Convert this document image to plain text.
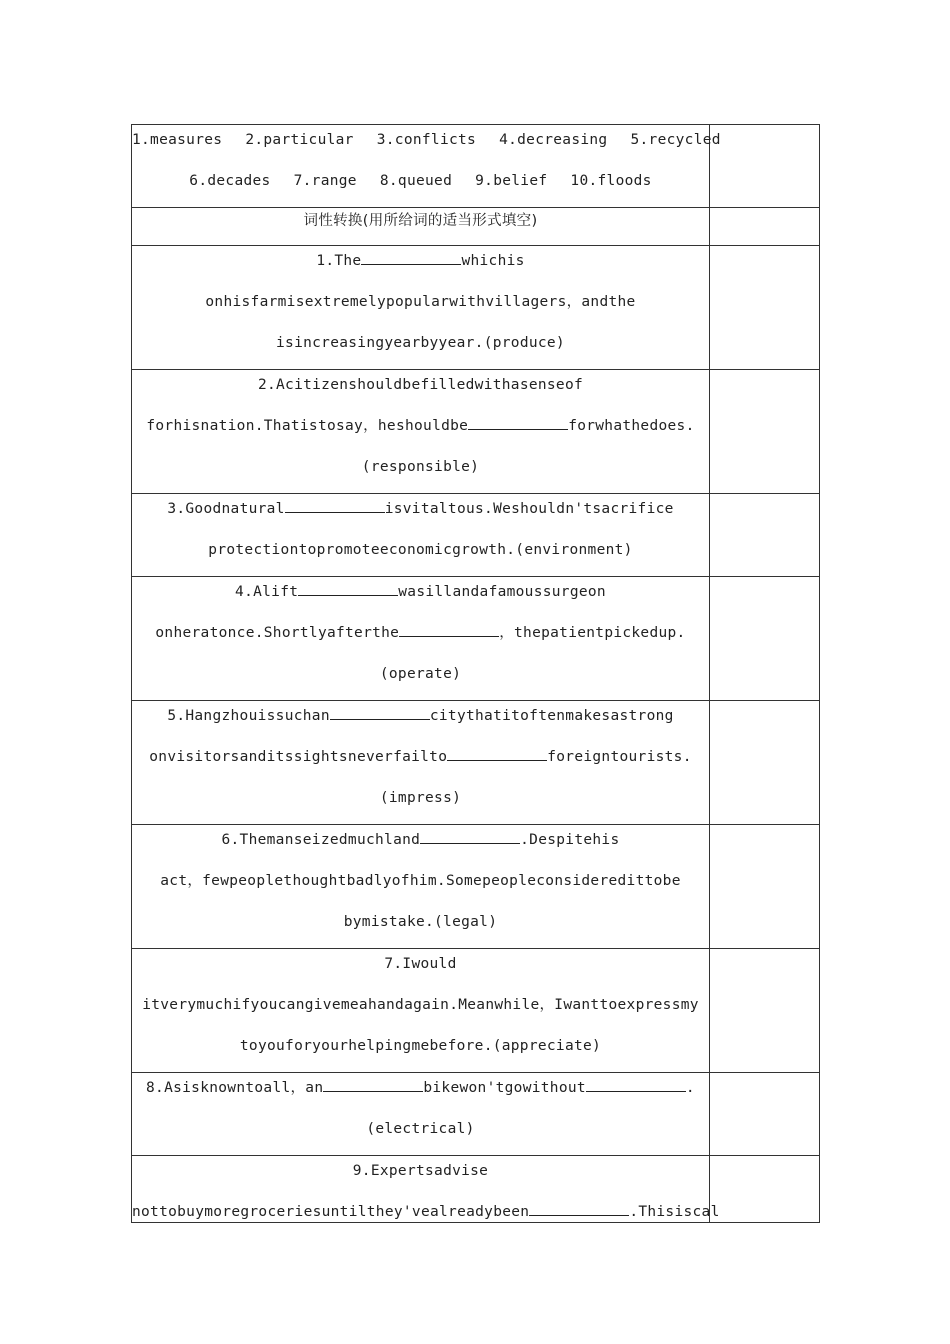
1.measures 2.particular 3.conflicts 4.decreasing 5.recycled
6.decades 7.range 8.queued 9.belief 10.floods	

词性转换(用所给词的适当形式填空)	

1.The whichis
onhisfarmisextremelypopularwithvillagers，andthe
isincreasingyearbyyear.(produce)	

2.Acitizenshouldbefilledwithasenseof
forhisnation.Thatistosay，heshouldbe forwhathedoes.
(responsible)	

3.Goodnatural isvitaltous.Weshouldn'tsacrifice
protectiontopromoteeconomicgrowth.(environment)	

4.Alift wasillandafamoussurgeon
onheratonce.Shortlyafterthe ，thepatientpickedup.
(operate)	

5.Hangzhouissuchan citythatitoftenmakesastrong
onvisitorsanditssightsneverfailto foreigntourists.
(impress)	

6.Themanseizedmuchland .Despitehis
act，fewpeoplethoughtbadlyofhim.Somepeopleconsideredittobe
bymistake.(legal)	

7.Iwould
itverymuchifyoucangivemeahandagain.Meanwhile，Iwanttoexpressmy
toyouforyourhelpingmebefore.(appreciate)	

8.Asisknowntoall，an bikewon'tgowithout .
(electrical)	

9.Expertsadvise
nottobuymoregroceriesuntilthey'vealreadybeen .Thisiscal	
